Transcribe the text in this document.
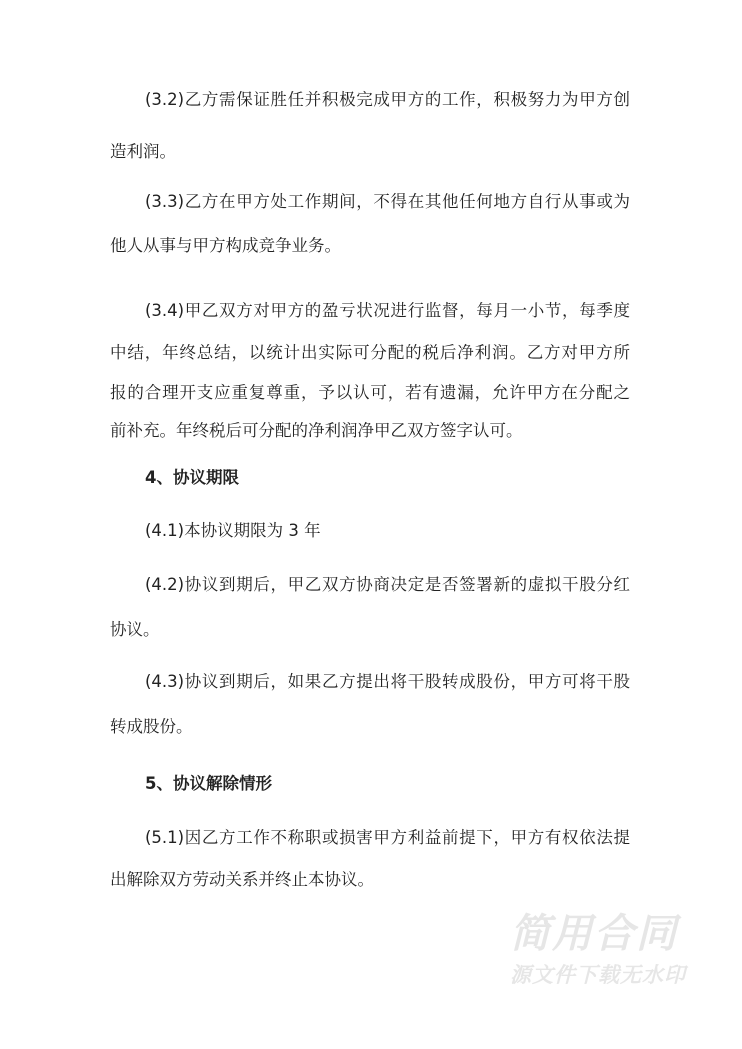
(3.2)乙方需保证胜任并积极完成甲方的工作，积极努力为甲方创
造利润。
(3.3)乙方在甲方处工作期间，不得在其他任何地方自行从事或为
他人从事与甲方构成竞争业务。
(3.4)甲乙双方对甲方的盈亏状况进行监督，每月一小节，每季度
中结，年终总结，以统计出实际可分配的税后净利润。乙方对甲方所
报的合理开支应重复尊重，予以认可，若有遗漏，允许甲方在分配之
前补充。年终税后可分配的净利润净甲乙双方签字认可。
4、协议期限
(4.1)本协议期限为 3 年
(4.2)协议到期后，甲乙双方协商决定是否签署新的虚拟干股分红
协议。
(4.3)协议到期后，如果乙方提出将干股转成股份，甲方可将干股
转成股份。
5、协议解除情形
(5.1)因乙方工作不称职或损害甲方利益前提下，甲方有权依法提
出解除双方劳动关系并终止本协议。
简用合同
源文件下载无水印
